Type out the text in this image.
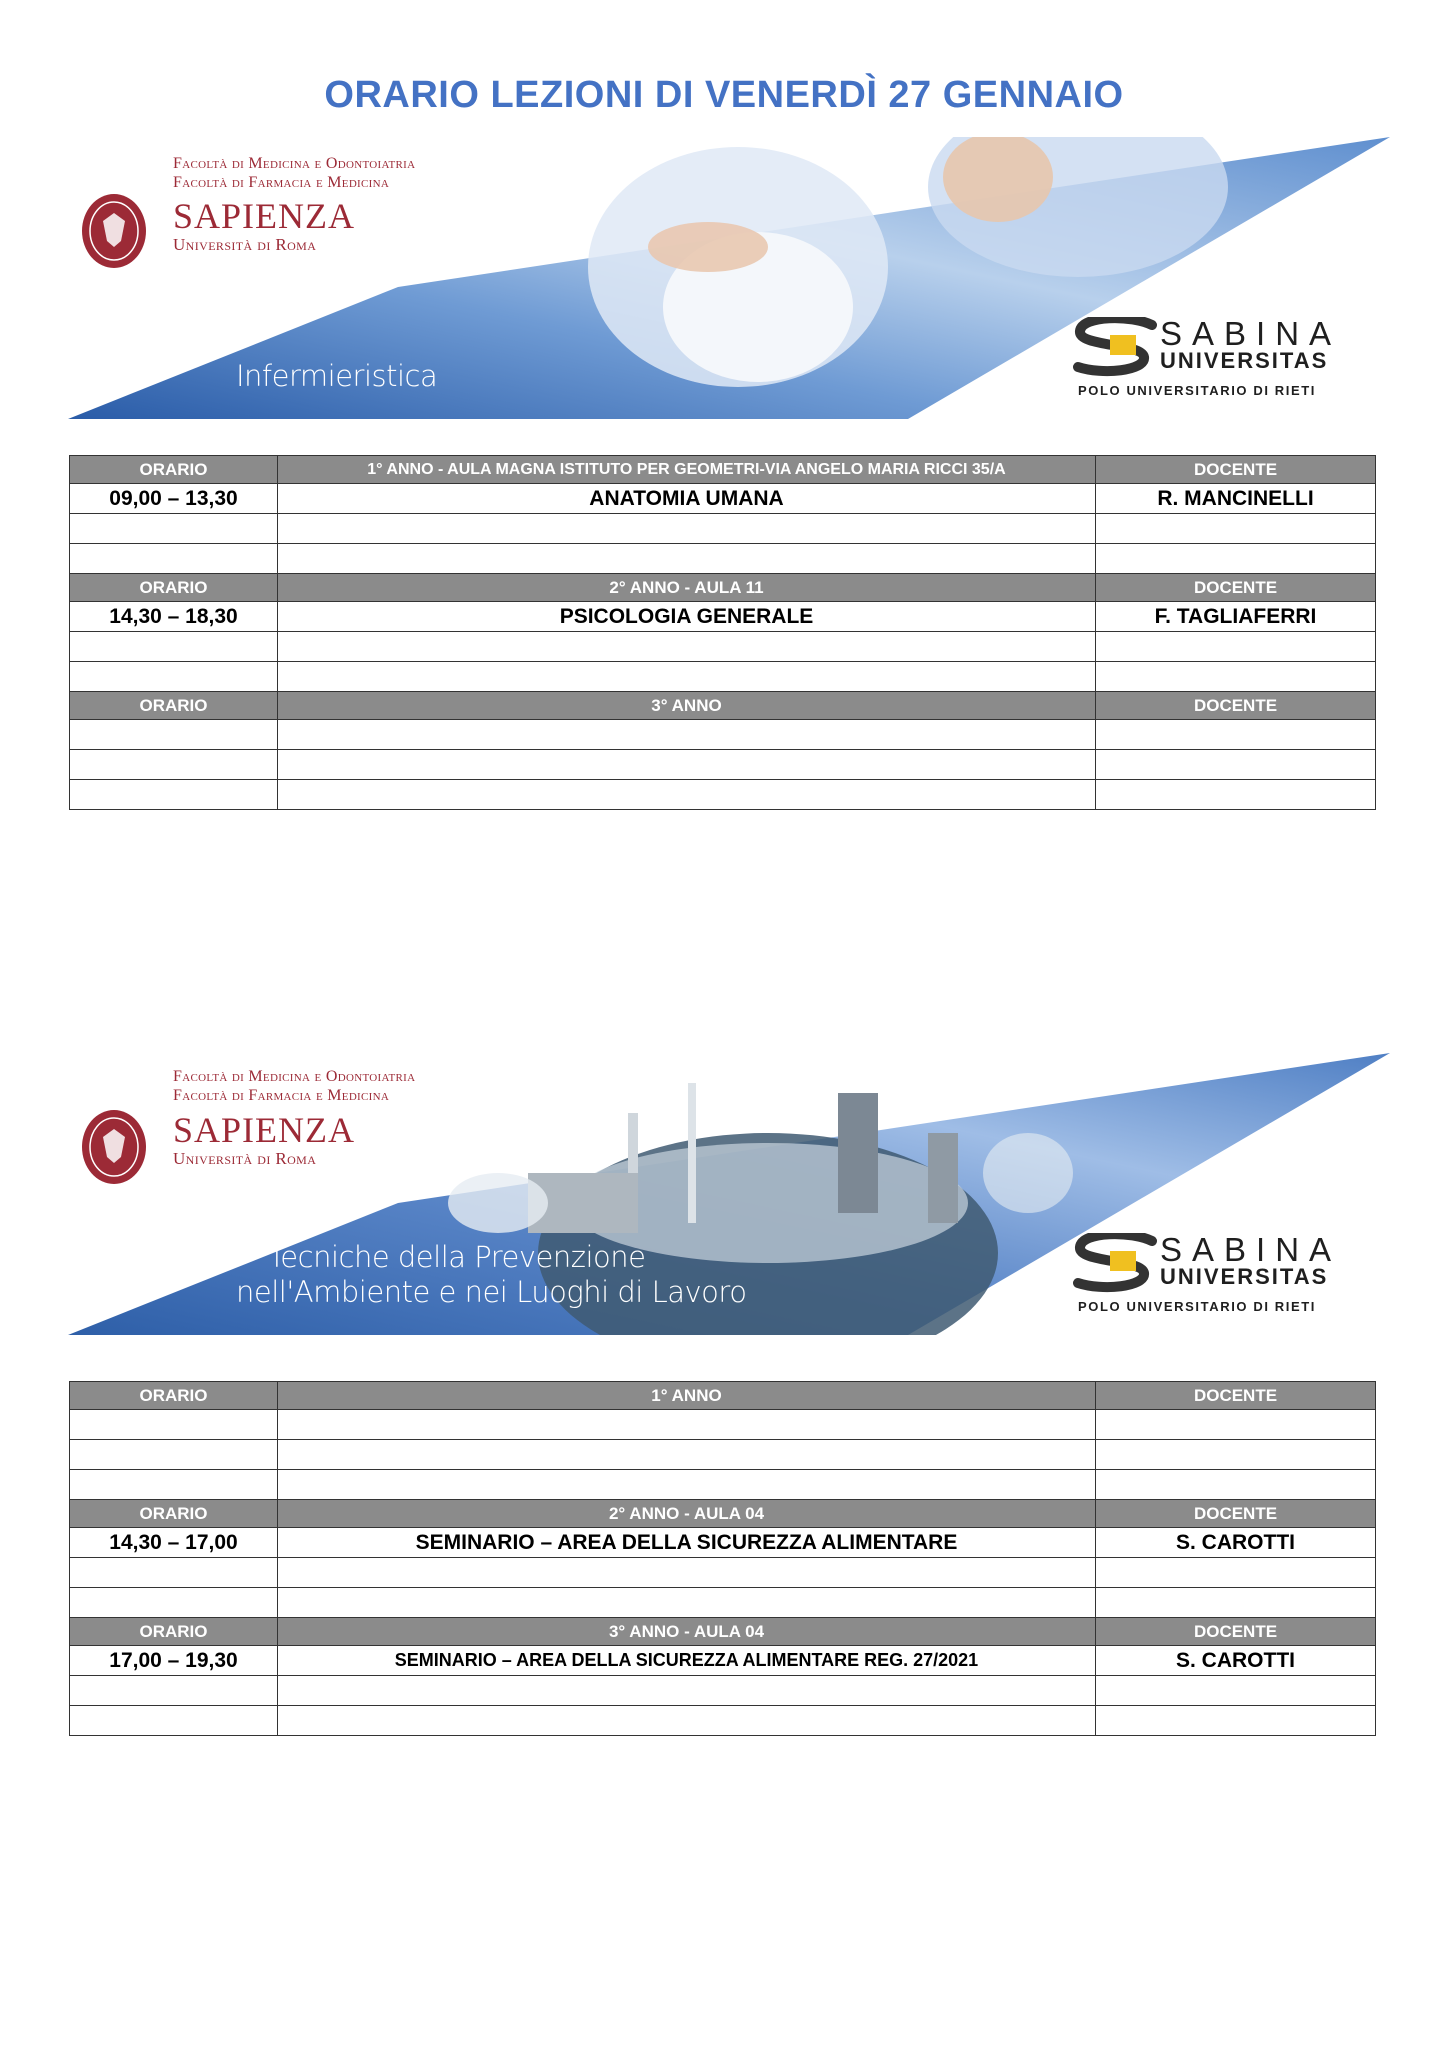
ORARIO LEZIONI DI VENERDÌ 27 GENNAIO
Facoltà di Medicina e Odontoiatria
Facoltà di Farmacia e Medicina
SAPIENZA
Università di Roma
Infermieristica
SABINA
UNIVERSITAS
POLO UNIVERSITARIO DI RIETI
ORARIO	1° ANNO - AULA MAGNA ISTITUTO PER GEOMETRI-VIA ANGELO MARIA RICCI 35/A	DOCENTE
09,00 – 13,30	ANATOMIA UMANA	R. MANCINELLI

ORARIO	2° ANNO - AULA 11	DOCENTE
14,30 – 18,30	PSICOLOGIA GENERALE	F. TAGLIAFERRI

ORARIO	3° ANNO	DOCENTE

Facoltà di Medicina e Odontoiatria
Facoltà di Farmacia e Medicina
SAPIENZA
Università di Roma
Tecniche della Prevenzione
nell'Ambiente e nei Luoghi di Lavoro
SABINA
UNIVERSITAS
POLO UNIVERSITARIO DI RIETI
ORARIO	1° ANNO	DOCENTE

ORARIO	2° ANNO - AULA 04	DOCENTE
14,30 – 17,00	SEMINARIO – AREA DELLA SICUREZZA ALIMENTARE	S. CAROTTI

ORARIO	3° ANNO - AULA 04	DOCENTE
17,00 – 19,30	SEMINARIO – AREA DELLA SICUREZZA ALIMENTARE REG. 27/2021	S. CAROTTI
